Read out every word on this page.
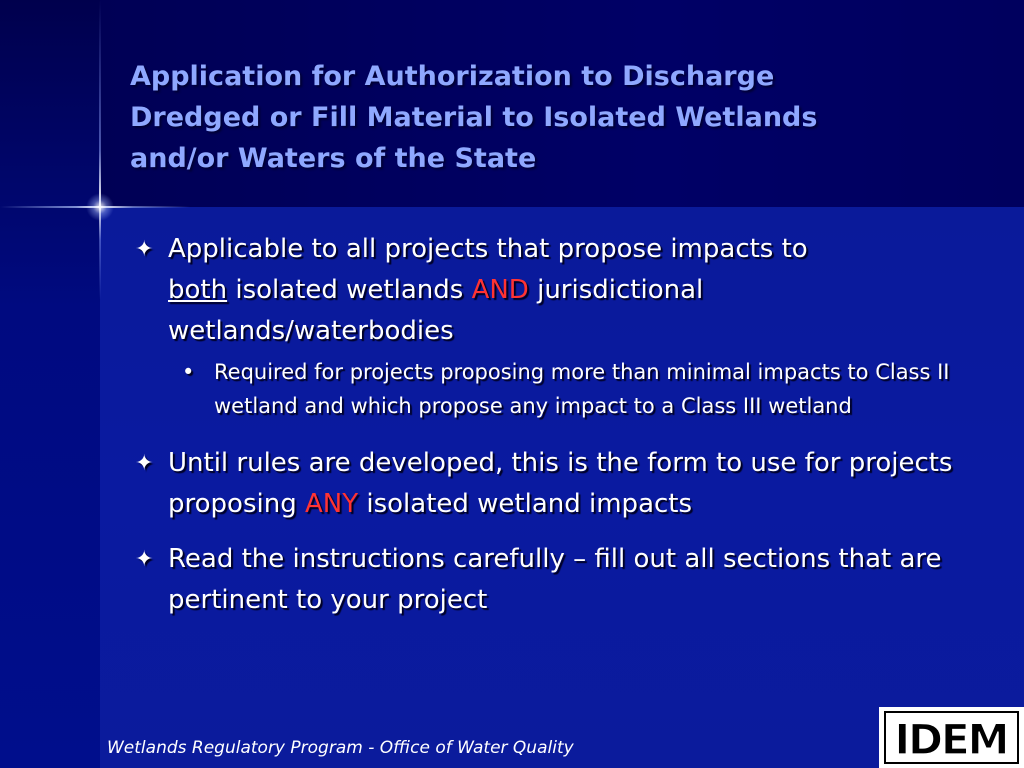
Application for Authorization to Discharge
Dredged or Fill Material to Isolated Wetlands
and/or Waters of the State
✦ Applicable to all projects that propose impacts to
both isolated wetlands AND jurisdictional wetlands/waterbodies
• Required for projects proposing more than minimal impacts to Class II wetland and which propose any impact to a Class III wetland
✦ Until rules are developed, this is the form to use for projects proposing ANY isolated wetland impacts
✦ Read the instructions carefully – fill out all sections that are pertinent to your project
Wetlands Regulatory Program - Office of Water Quality	IDEM
